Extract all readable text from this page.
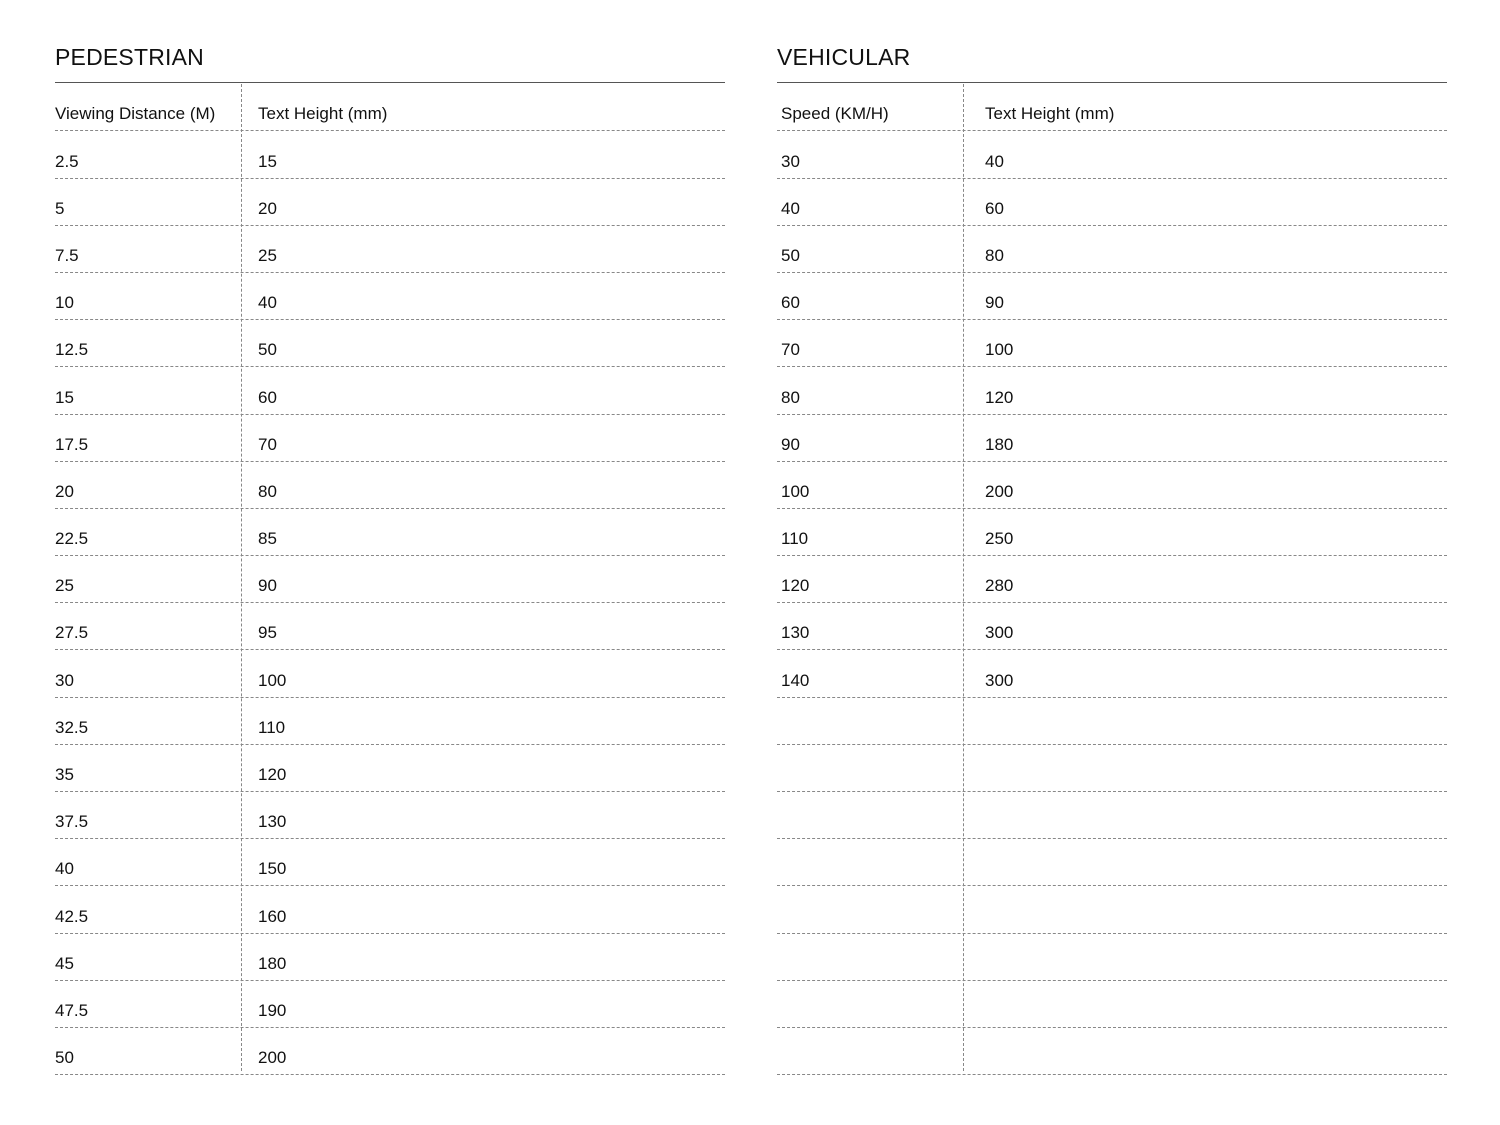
PEDESTRIAN
Viewing Distance (M)	Text Height (mm)
2.5	15
5	20
7.5	25
10	40
12.5	50
15	60
17.5	70
20	80
22.5	85
25	90
27.5	95
30	100
32.5	110
35	120
37.5	130
40	150
42.5	160
45	180
47.5	190
50	200
VEHICULAR
Speed (KM/H)	Text Height (mm)
30	40
40	60
50	80
60	90
70	100
80	120
90	180
100	200
110	250
120	280
130	300
140	300
